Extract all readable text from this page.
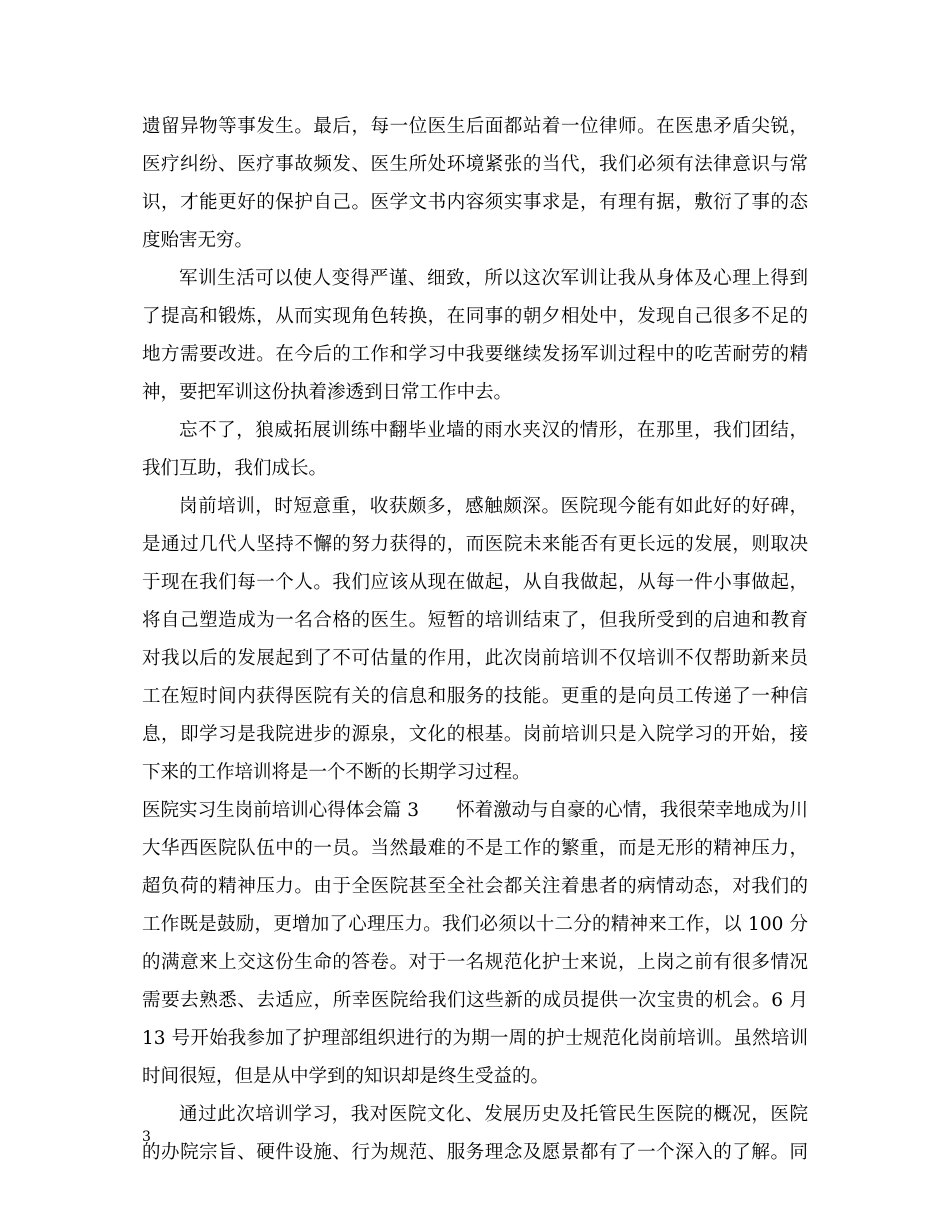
遗留异物等事发生。最后，每一位医生后面都站着一位律师。在医患矛盾尖锐，
医疗纠纷、医疗事故频发、医生所处环境紧张的当代，我们必须有法律意识与常
识，才能更好的保护自己。医学文书内容须实事求是，有理有据，敷衍了事的态
度贻害无穷。
军训生活可以使人变得严谨、细致，所以这次军训让我从身体及心理上得到
了提高和锻炼，从而实现角色转换，在同事的朝夕相处中，发现自己很多不足的
地方需要改进。在今后的工作和学习中我要继续发扬军训过程中的吃苦耐劳的精
神，要把军训这份执着渗透到日常工作中去。
忘不了，狼威拓展训练中翻毕业墙的雨水夹汉的情形，在那里，我们团结，
我们互助，我们成长。
岗前培训，时短意重，收获颇多，感触颇深。医院现今能有如此好的好碑，
是通过几代人坚持不懈的努力获得的，而医院未来能否有更长远的发展，则取决
于现在我们每一个人。我们应该从现在做起，从自我做起，从每一件小事做起，
将自己塑造成为一名合格的医生。短暂的培训结束了，但我所受到的启迪和教育
对我以后的发展起到了不可估量的作用，此次岗前培训不仅培训不仅帮助新来员
工在短时间内获得医院有关的信息和服务的技能。更重的是向员工传递了一种信
息，即学习是我院进步的源泉，文化的根基。岗前培训只是入院学习的开始，接
下来的工作培训将是一个不断的长期学习过程。
医院实习生岗前培训心得体会篇 3　　怀着激动与自豪的心情，我很荣幸地成为川
大华西医院队伍中的一员。当然最难的不是工作的繁重，而是无形的精神压力，
超负荷的精神压力。由于全医院甚至全社会都关注着患者的病情动态，对我们的
工作既是鼓励，更增加了心理压力。我们必须以十二分的精神来工作，以 100 分
的满意来上交这份生命的答卷。对于一名规范化护士来说，上岗之前有很多情况
需要去熟悉、去适应，所幸医院给我们这些新的成员提供一次宝贵的机会。6 月
13 号开始我参加了护理部组织进行的为期一周的护士规范化岗前培训。虽然培训
时间很短，但是从中学到的知识却是终生受益的。
通过此次培训学习，我对医院文化、发展历史及托管民生医院的概况，医院
的办院宗旨、硬件设施、行为规范、服务理念及愿景都有了一个深入的了解。同
3
